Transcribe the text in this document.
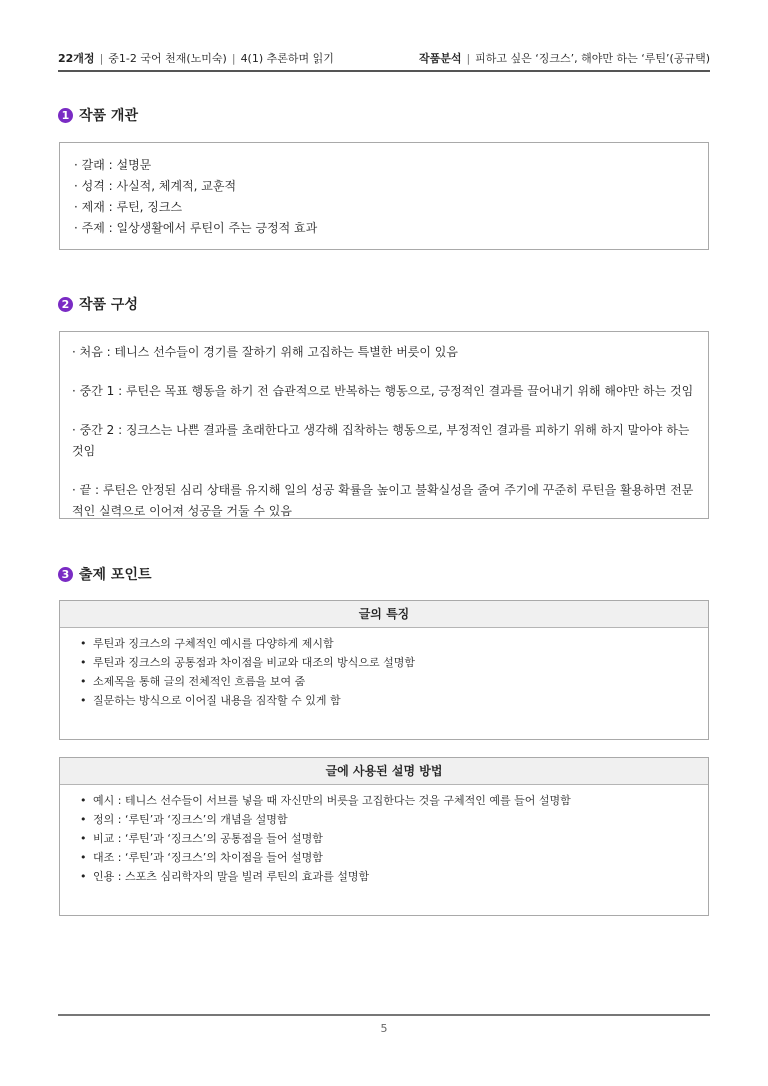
22개정 | 중1-2 국어 천재(노미숙) | 4(1) 추론하며 읽기	작품분석 | 피하고 싶은 ‘징크스’, 해야만 하는 ‘루틴’(공규택)
1 작품 개관
· 갈래 : 설명문
· 성격 : 사실적, 체계적, 교훈적
· 제재 : 루틴, 징크스
· 주제 : 일상생활에서 루틴이 주는 긍정적 효과
2 작품 구성
· 처음 : 테니스 선수들이 경기를 잘하기 위해 고집하는 특별한 버릇이 있음
· 중간 1 : 루틴은 목표 행동을 하기 전 습관적으로 반복하는 행동으로, 긍정적인 결과를 끌어내기 위해 해야만 하는 것임
· 중간 2 : 징크스는 나쁜 결과를 초래한다고 생각해 집착하는 행동으로, 부정적인 결과를 피하기 위해 하지 말아야 하는 것임
· 끝 : 루틴은 안정된 심리 상태를 유지해 일의 성공 확률을 높이고 불확실성을 줄여 주기에 꾸준히 루틴을 활용하면 전문적인 실력으로 이어져 성공을 거둘 수 있음
3 출제 포인트
글의 특징
• 루틴과 징크스의 구체적인 예시를 다양하게 제시함
• 루틴과 징크스의 공통점과 차이점을 비교와 대조의 방식으로 설명함
• 소제목을 통해 글의 전체적인 흐름을 보여 줌
• 질문하는 방식으로 이어질 내용을 짐작할 수 있게 함
글에 사용된 설명 방법
• 예시 : 테니스 선수들이 서브를 넣을 때 자신만의 버릇을 고집한다는 것을 구체적인 예를 들어 설명함
• 정의 : ‘루틴’과 ‘징크스’의 개념을 설명함
• 비교 : ‘루틴’과 ‘징크스’의 공통점을 들어 설명함
• 대조 : ‘루틴’과 ‘징크스’의 차이점을 들어 설명함
• 인용 : 스포츠 심리학자의 말을 빌려 루틴의 효과를 설명함
5
